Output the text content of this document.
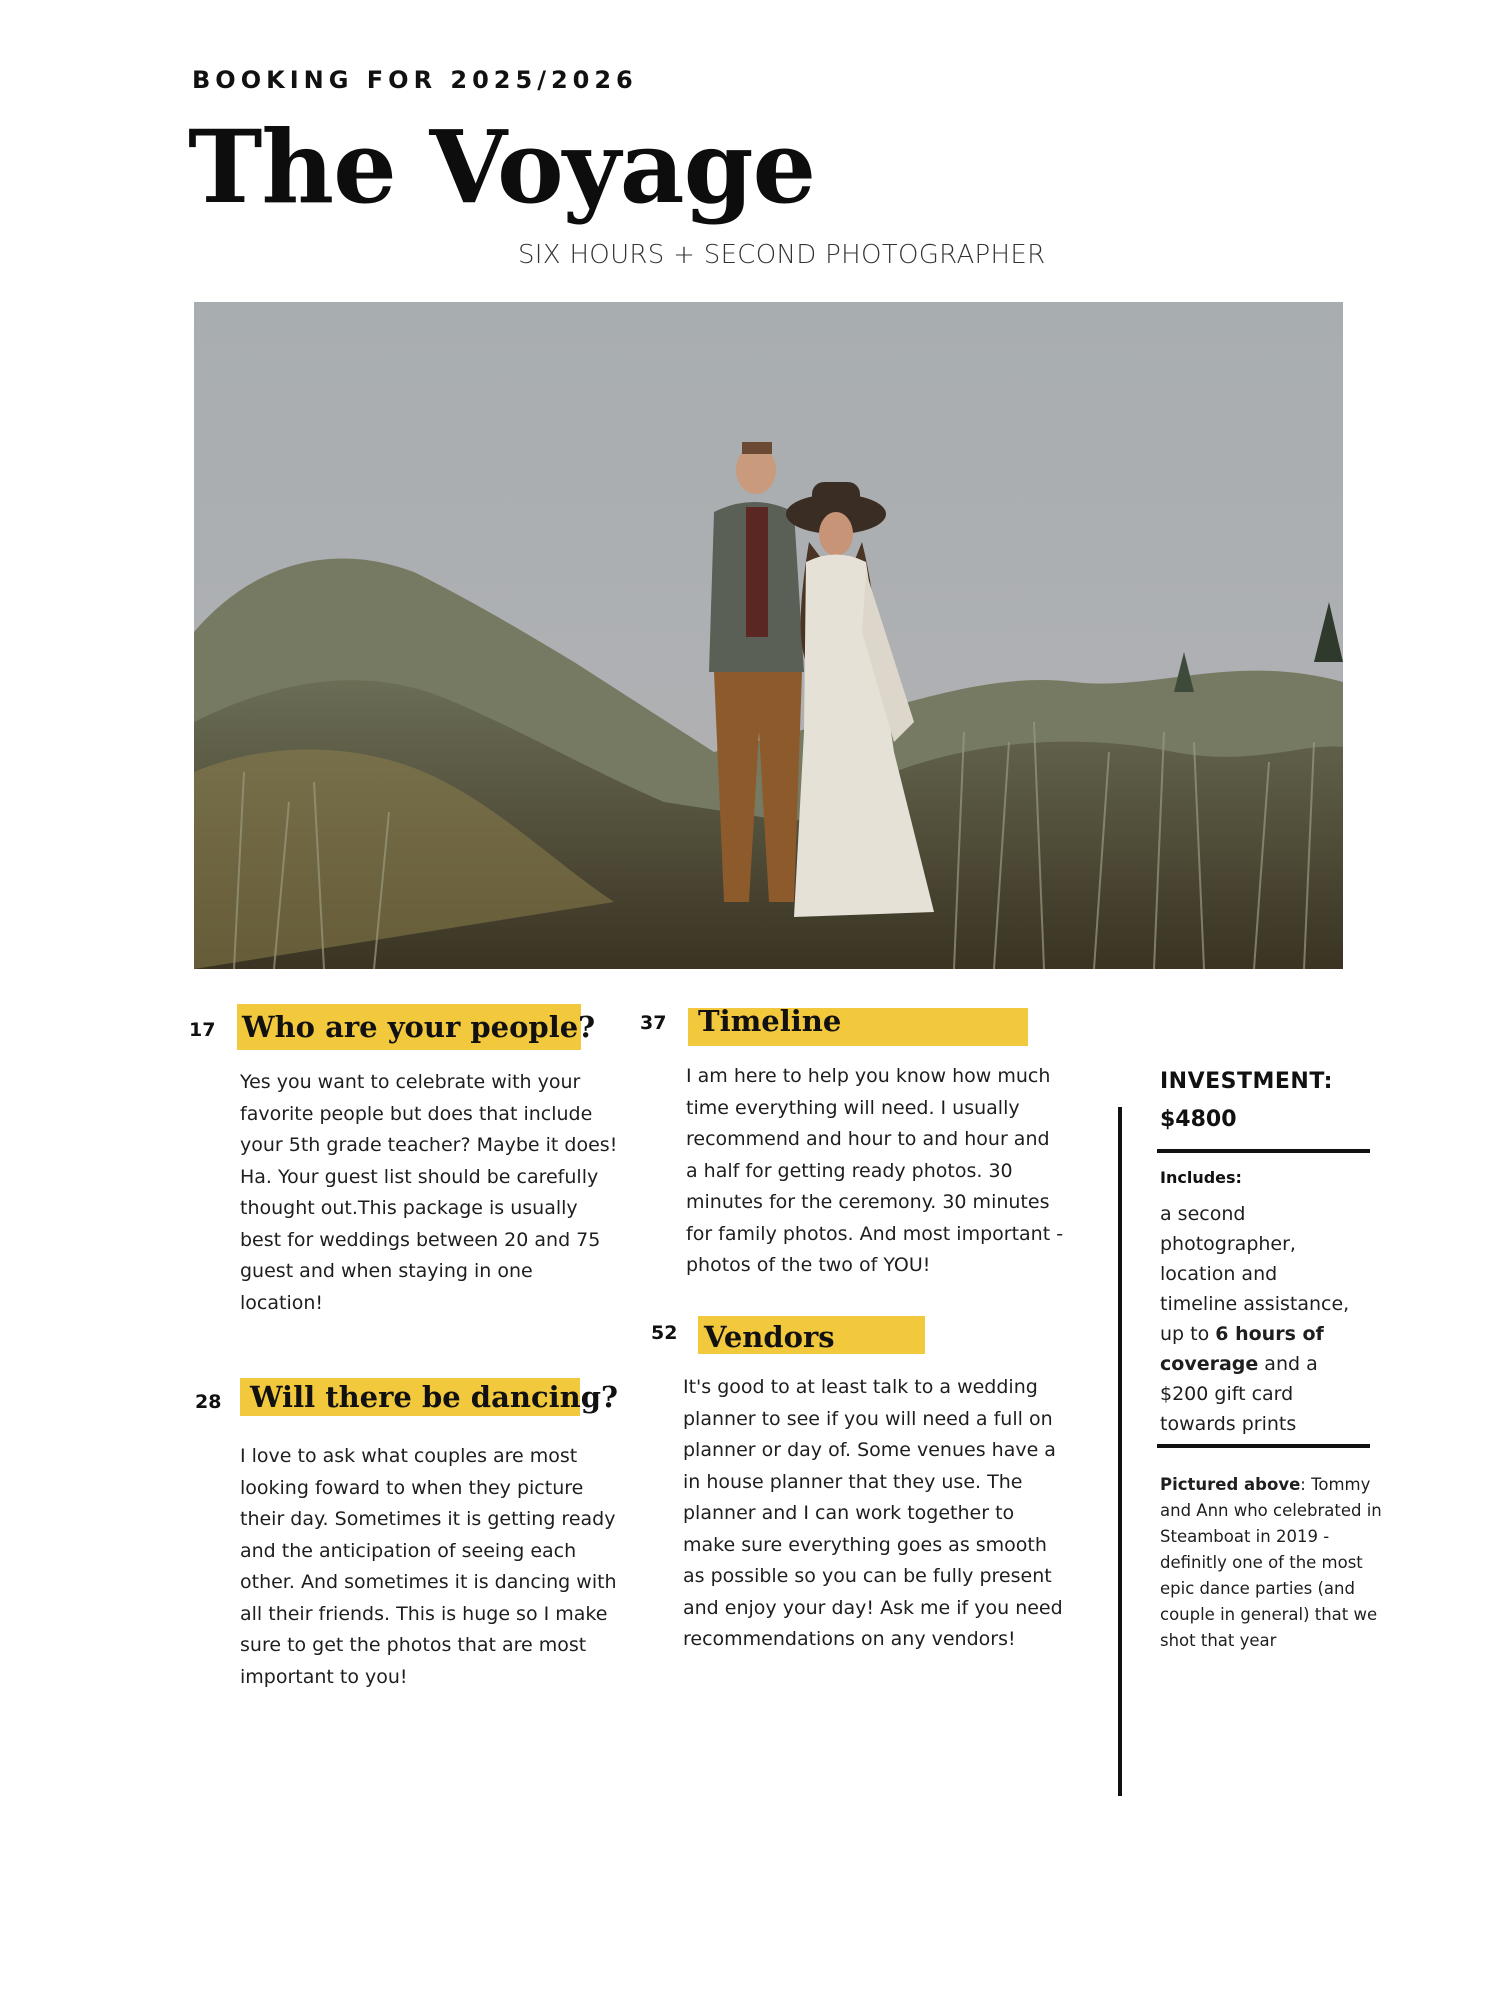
BOOKING FOR 2025/2026
The Voyage
SIX HOURS + SECOND PHOTOGRAPHER
17 Who are your people?
Yes you want to celebrate with your favorite people but does that include your 5th grade teacher? Maybe it does! Ha. Your guest list should be carefully thought out.This package is usually best for weddings between 20 and 75 guest and when staying in one location!
28 Will there be dancing?
I love to ask what couples are most looking foward to when they picture their day. Sometimes it is getting ready and the anticipation of seeing each other. And sometimes it is dancing with all their friends. This is huge so I make sure to get the photos that are most important to you!
37 Timeline
I am here to help you know how much time everything will need. I usually recommend and hour to and hour and a half for getting ready photos. 30 minutes for the ceremony. 30 minutes for family photos. And most important - photos of the two of YOU!
52 Vendors
It's good to at least talk to a wedding planner to see if you will need a full on planner or day of. Some venues have a in house planner that they use. The planner and I can work together to make sure everything goes as smooth as possible so you can be fully present and enjoy your day! Ask me if you need recommendations on any vendors!
INVESTMENT:
$4800
Includes:
a second photographer, location and timeline assistance, up to 6 hours of coverage and a $200 gift card towards prints
Pictured above: Tommy and Ann who celebrated in Steamboat in 2019 - definitly one of the most epic dance parties (and couple in general) that we shot that year
